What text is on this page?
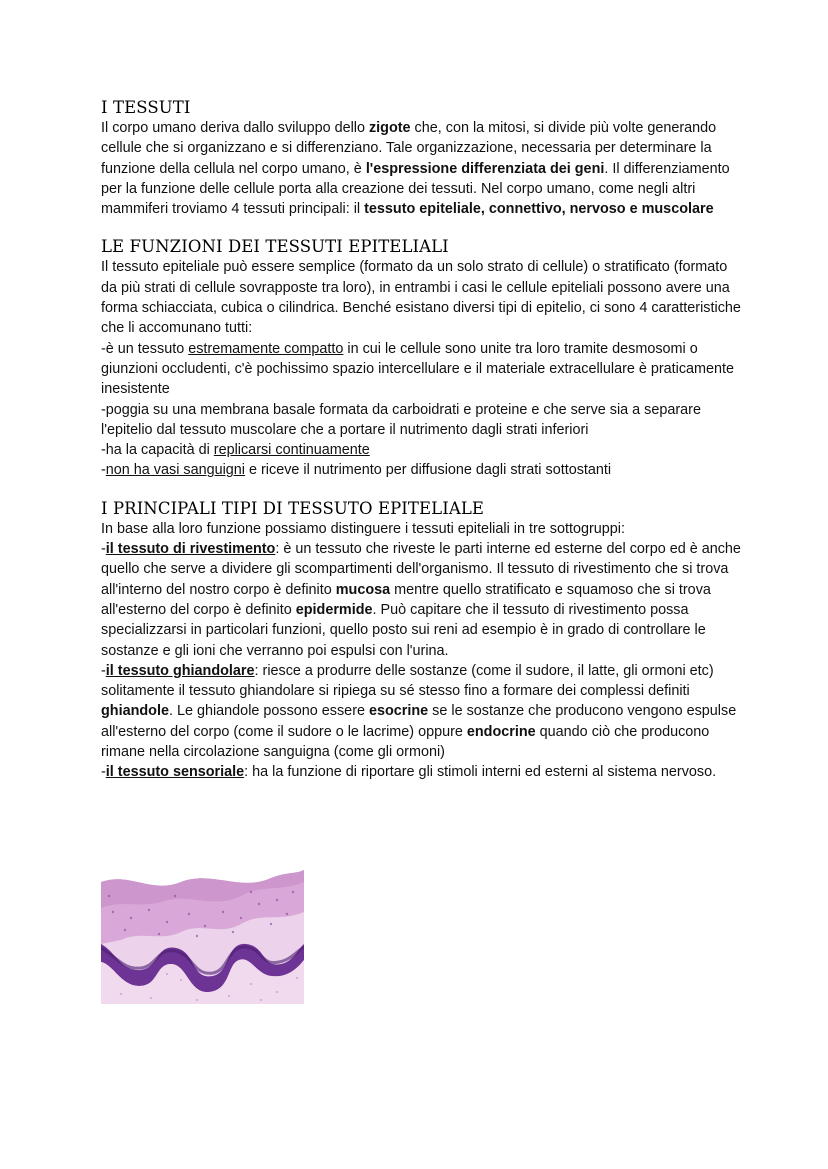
I TESSUTI

Il corpo umano deriva dallo sviluppo dello zigote che, con la mitosi, si divide più volte generando cellule che si organizzano e si differenziano. Tale organizzazione, necessaria per determinare la funzione della cellula nel corpo umano, è l'espressione differenziata dei geni. Il differenziamento per la funzione delle cellule porta alla creazione dei tessuti. Nel corpo umano, come negli altri mammiferi troviamo 4 tessuti principali: il tessuto epiteliale, connettivo, nervoso e muscolare

LE FUNZIONI DEI TESSUTI EPITELIALI

Il tessuto epiteliale può essere semplice (formato da un solo strato di cellule) o stratificato (formato da più strati di cellule sovrapposte tra loro), in entrambi i casi le cellule epiteliali possono avere una forma schiacciata, cubica o cilindrica. Benché esistano diversi tipi di epitelio, ci sono 4 caratteristiche che li accomunano tutti:

-è un tessuto estremamente compatto in cui le cellule sono unite tra loro tramite desmosomi o giunzioni occludenti, c'è pochissimo spazio intercellulare e il materiale extracellulare è praticamente inesistente

-poggia su una membrana basale formata da carboidrati e proteine e che serve sia a separare l'epitelio dal tessuto muscolare che a portare il nutrimento dagli strati inferiori

-ha la capacità di replicarsi continuamente

-non ha vasi sanguigni e riceve il nutrimento per diffusione dagli strati sottostanti

I PRINCIPALI TIPI DI TESSUTO EPITELIALE

In base alla loro funzione possiamo distinguere i tessuti epiteliali in tre sottogruppi:

-il tessuto di rivestimento: è un tessuto che riveste le parti interne ed esterne del corpo ed è anche quello che serve a dividere gli scompartimenti dell'organismo. Il tessuto di rivestimento che si trova all'interno del nostro corpo è definito mucosa mentre quello stratificato e squamoso che si trova all'esterno del corpo è definito epidermide. Può capitare che il tessuto di rivestimento possa specializzarsi in particolari funzioni, quello posto sui reni ad esempio è in grado di controllare le sostanze e gli ioni che verranno poi espulsi con l'urina.

-il tessuto ghiandolare: riesce a produrre delle sostanze (come il sudore, il latte, gli ormoni etc) solitamente il tessuto ghiandolare si ripiega su sé stesso fino a formare dei complessi definiti ghiandole. Le ghiandole possono essere esocrine se le sostanze che producono vengono espulse all'esterno del corpo (come il sudore o le lacrime) oppure endocrine quando ciò che producono rimane nella circolazione sanguigna (come gli ormoni)

-il tessuto sensoriale: ha la funzione di riportare gli stimoli interni ed esterni al sistema nervoso.
